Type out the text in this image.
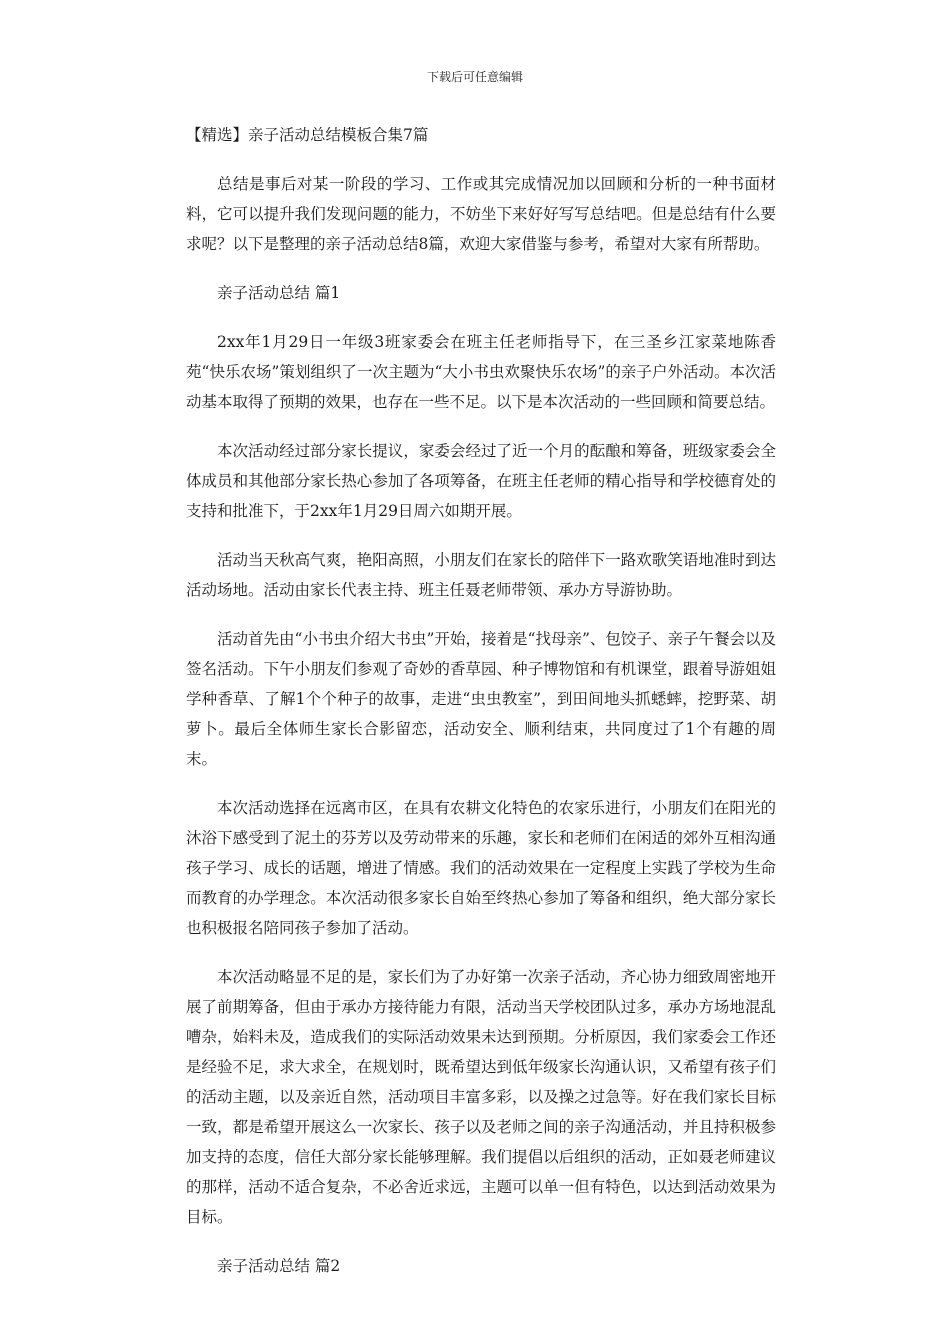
下载后可任意编辑
【精选】亲子活动总结模板合集7篇

总结是事后对某一阶段的学习、工作或其完成情况加以回顾和分析的一种书面材料，它可以提升我们发现问题的能力，不妨坐下来好好写写总结吧。但是总结有什么要求呢？以下是整理的亲子活动总结8篇，欢迎大家借鉴与参考，希望对大家有所帮助。

亲子活动总结 篇1

2xx年1月29日一年级3班家委会在班主任老师指导下，在三圣乡江家菜地陈香苑“快乐农场”策划组织了一次主题为“大小书虫欢聚快乐农场”的亲子户外活动。本次活动基本取得了预期的效果，也存在一些不足。以下是本次活动的一些回顾和简要总结。

本次活动经过部分家长提议，家委会经过了近一个月的酝酿和筹备，班级家委会全体成员和其他部分家长热心参加了各项筹备，在班主任老师的精心指导和学校德育处的支持和批准下，于2xx年1月29日周六如期开展。

活动当天秋高气爽，艳阳高照，小朋友们在家长的陪伴下一路欢歌笑语地准时到达活动场地。活动由家长代表主持、班主任聂老师带领、承办方导游协助。

活动首先由“小书虫介绍大书虫”开始，接着是“找母亲”、包饺子、亲子午餐会以及签名活动。下午小朋友们参观了奇妙的香草园、种子博物馆和有机课堂，跟着导游姐姐学种香草、了解1个个种子的故事，走进“虫虫教室”，到田间地头抓蟋蟀，挖野菜、胡萝卜。最后全体师生家长合影留恋，活动安全、顺利结束，共同度过了1个有趣的周末。

本次活动选择在远离市区，在具有农耕文化特色的农家乐进行，小朋友们在阳光的沐浴下感受到了泥土的芬芳以及劳动带来的乐趣，家长和老师们在闲适的郊外互相沟通孩子学习、成长的话题，增进了情感。我们的活动效果在一定程度上实践了学校为生命而教育的办学理念。本次活动很多家长自始至终热心参加了筹备和组织，绝大部分家长也积极报名陪同孩子参加了活动。

本次活动略显不足的是，家长们为了办好第一次亲子活动，齐心协力细致周密地开展了前期筹备，但由于承办方接待能力有限，活动当天学校团队过多，承办方场地混乱嘈杂，始料未及，造成我们的实际活动效果未达到预期。分析原因，我们家委会工作还是经验不足，求大求全，在规划时，既希望达到低年级家长沟通认识，又希望有孩子们的活动主题，以及亲近自然，活动项目丰富多彩，以及操之过急等。好在我们家长目标一致，都是希望开展这么一次家长、孩子以及老师之间的亲子沟通活动，并且持积极参加支持的态度，信任大部分家长能够理解。我们提倡以后组织的活动，正如聂老师建议的那样，活动不适合复杂，不必舍近求远，主题可以单一但有特色，以达到活动效果为目标。

亲子活动总结 篇2
